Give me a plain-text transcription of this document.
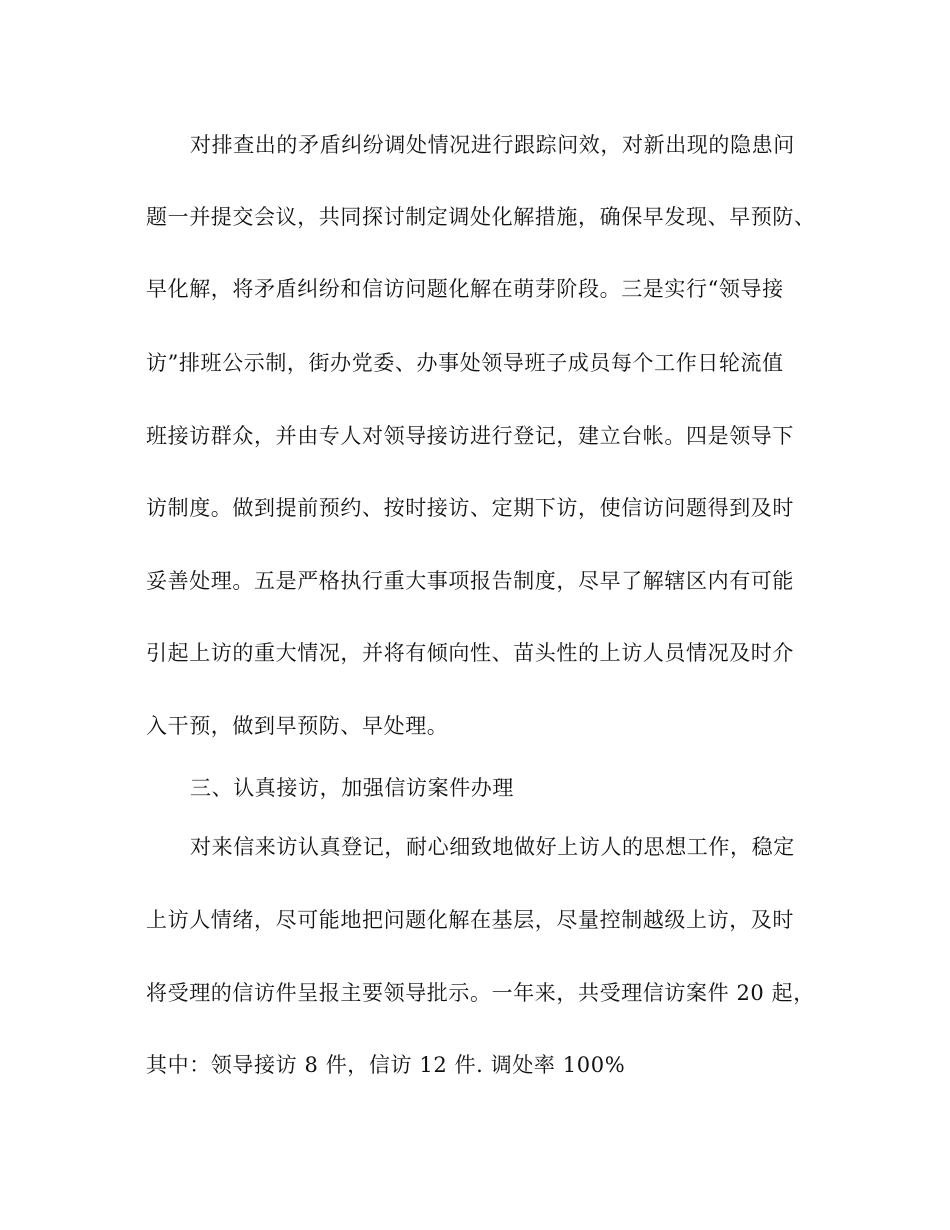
对排查出的矛盾纠纷调处情况进行跟踪问效，对新出现的隐患问
题一并提交会议，共同探讨制定调处化解措施，确保早发现、早预防、
早化解，将矛盾纠纷和信访问题化解在萌芽阶段。三是实行“领导接
访”排班公示制，街办党委、办事处领导班子成员每个工作日轮流值
班接访群众，并由专人对领导接访进行登记，建立台帐。四是领导下
访制度。做到提前预约、按时接访、定期下访，使信访问题得到及时
妥善处理。五是严格执行重大事项报告制度，尽早了解辖区内有可能
引起上访的重大情况，并将有倾向性、苗头性的上访人员情况及时介
入干预，做到早预防、早处理。
三、认真接访，加强信访案件办理
对来信来访认真登记，耐心细致地做好上访人的思想工作，稳定
上访人情绪，尽可能地把问题化解在基层，尽量控制越级上访，及时
将受理的信访件呈报主要领导批示。一年来，共受理信访案件 20 起，
其中：领导接访 8 件，信访 12 件. 调处率 100%
